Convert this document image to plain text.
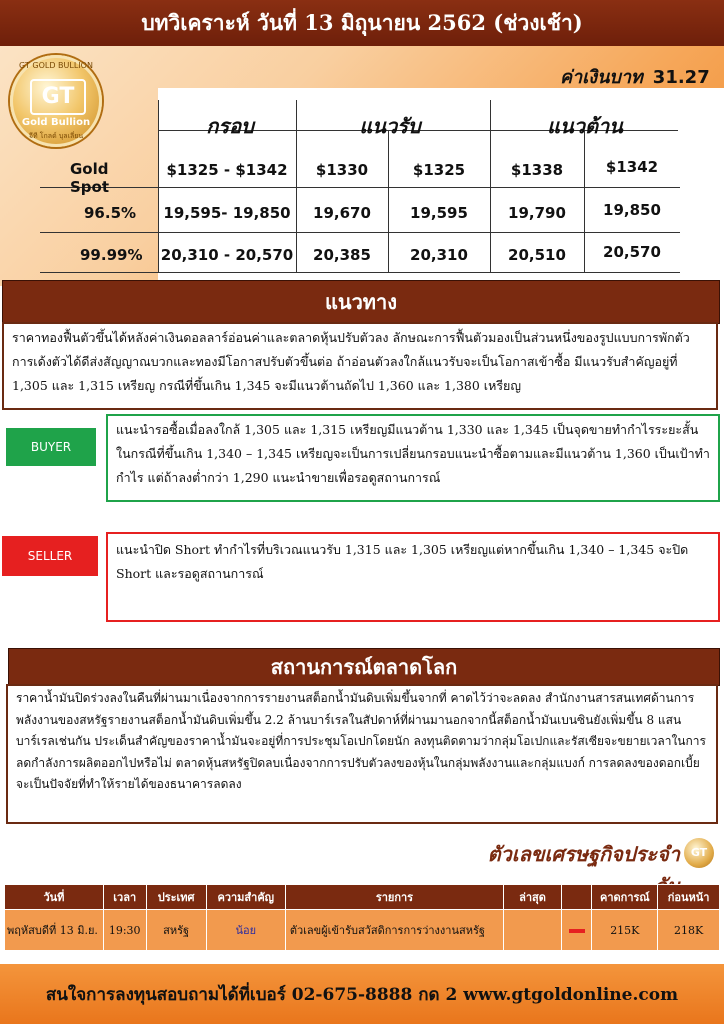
บทวิเคราะห์ วันที่ 13 มิถุนายน 2562 (ช่วงเช้า)
GT GOLD BULLION
GT
Gold Bullion
จีที โกลด์ บุลเลี่ยน
ค่าเงินบาท 31.27
กรอบ	แนวรับ	แนวต้าน
Gold Spot
$1325 - $1342	$1330	$1325	$1338	$1342
96.5%	19,595- 19,850	19,670	19,595	19,790	19,850
99.99%	20,310 - 20,570	20,385	20,310	20,510	20,570
แนวทาง
ราคาทองฟื้นตัวขึ้นได้หลังค่าเงินดอลลาร์อ่อนค่าและตลาดหุ้นปรับตัวลง ลักษณะการฟื้นตัวมองเป็นส่วนหนึ่งของรูปแบบการพักตัว การเด้งตัวได้ดีส่งสัญญาณบวกและทองมีโอกาสปรับตัวขึ้นต่อ ถ้าอ่อนตัวลงใกล้แนวรับจะเป็นโอกาสเข้าซื้อ มีแนวรับสำคัญอยู่ที่ 1,305 และ 1,315 เหรียญ กรณีที่ขึ้นเกิน 1,345 จะมีแนวต้านถัดไป 1,360 และ 1,380 เหรียญ
BUYER
แนะนำรอซื้อเมื่อลงใกล้ 1,305 และ 1,315 เหรียญมีแนวต้าน 1,330 และ 1,345 เป็นจุดขายทำกำไรระยะสั้น ในกรณีที่ขึ้นเกิน 1,340 – 1,345 เหรียญจะเป็นการเปลี่ยนกรอบแนะนำซื้อตามและมีแนวต้าน 1,360 เป็นเป้าทำกำไร แต่ถ้าลงต่ำกว่า 1,290 แนะนำขายเพื่อรอดูสถานการณ์
SELLER	แนะนำปิด Short ทำกำไรที่บริเวณแนวรับ 1,315 และ 1,305 เหรียญแต่หากขึ้นเกิน 1,340 – 1,345 จะปิด Short และรอดูสถานการณ์
สถานการณ์ตลาดโลก
ราคาน้ำมันปิดร่วงลงในคืนที่ผ่านมาเนื่องจากการรายงานสต็อกน้ำมันดิบเพิ่มขึ้นจากที่ คาดไว้ว่าจะลดลง สำนักงานสารสนเทศด้านการพลังงานของสหรัฐรายงานสต็อกน้ำมันดิบเพิ่มขึ้น 2.2 ล้านบาร์เรลในสัปดาห์ที่ผ่านมานอกจากนี้สต็อกน้ำมันเบนซินยังเพิ่มขึ้น 8 แสนบาร์เรลเช่นกัน ประเด็นสำคัญของราคาน้ำมันจะอยู่ที่การประชุมโอเปกโดยนัก ลงทุนติดตามว่ากลุ่มโอเปกและรัสเซียจะขยายเวลาในการลดกำลังการผลิตออกไปหรือไม่ ตลาดหุ้นสหรัฐปิดลบเนื่องจากการปรับตัวลงของหุ้นในกลุ่มพลังงานและกลุ่มแบงก์ การลดลงของดอกเบี้ยจะเป็นปัจจัยที่ทำให้รายได้ของธนาคารลดลง
ตัวเลขเศรษฐกิจประจำ GT
วันที่	เวลา	ประเทศ	ความสำคัญ	รายการ	ล่าสุด		คาดการณ์	ก่อนหน้า
พฤหัสบดีที่ 13 มิ.ย.	19:30	สหรัฐ	น้อย	ตัวเลขผู้เข้ารับสวัสดิการการว่างงานสหรัฐ			215K	218K
สนใจการลงทุนสอบถามได้ที่เบอร์ 02-675-8888 กด 2 www.gtgoldonline.com
